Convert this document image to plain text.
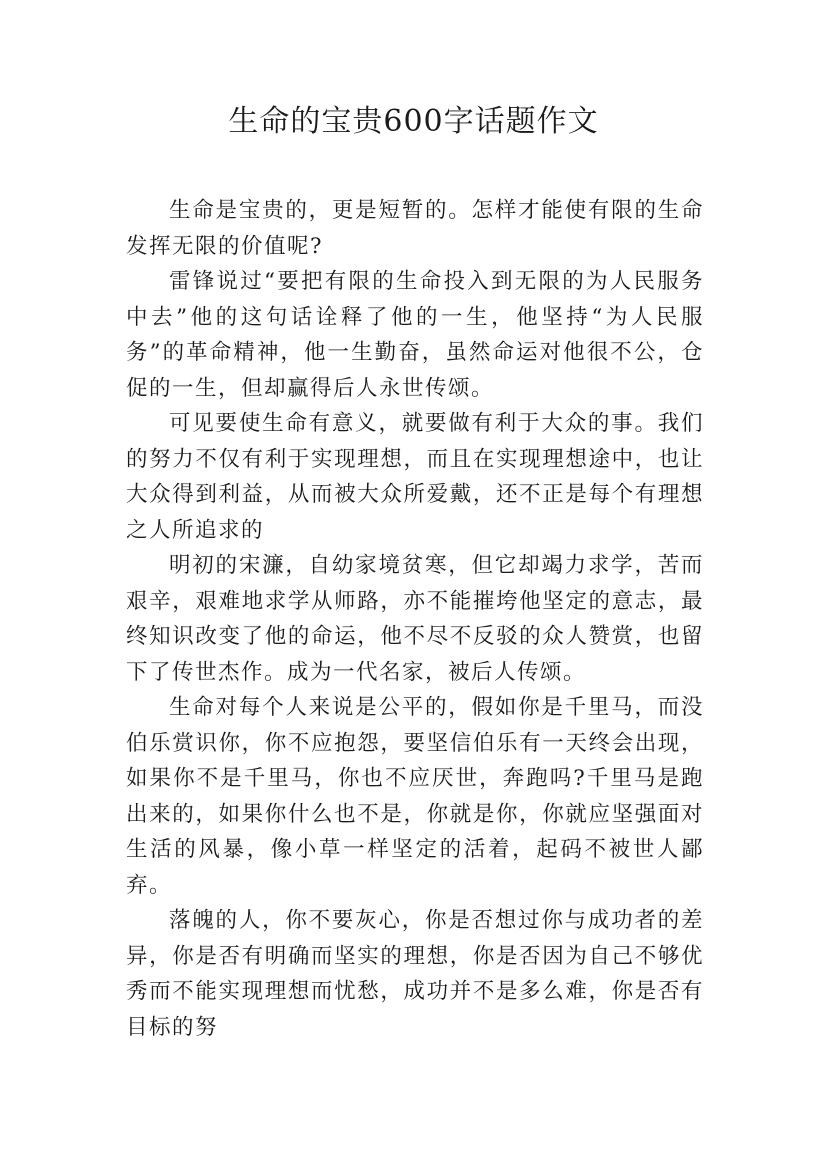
生命的宝贵600字话题作文

生命是宝贵的，更是短暂的。怎样才能使有限的生命发挥无限的价值呢?

雷锋说过“要把有限的生命投入到无限的为人民服务中去”他的这句话诠释了他的一生，他坚持“为人民服务”的革命精神，他一生勤奋，虽然命运对他很不公，仓促的一生，但却赢得后人永世传颂。

可见要使生命有意义，就要做有利于大众的事。我们的努力不仅有利于实现理想，而且在实现理想途中，也让大众得到利益，从而被大众所爱戴，还不正是每个有理想之人所追求的

明初的宋濂，自幼家境贫寒，但它却竭力求学，苦而艰辛，艰难地求学从师路，亦不能摧垮他坚定的意志，最终知识改变了他的命运，他不尽不反驳的众人赞赏，也留下了传世杰作。成为一代名家，被后人传颂。

生命对每个人来说是公平的，假如你是千里马，而没伯乐赏识你，你不应抱怨，要坚信伯乐有一天终会出现，如果你不是千里马，你也不应厌世，奔跑吗?千里马是跑出来的，如果你什么也不是，你就是你，你就应坚强面对生活的风暴，像小草一样坚定的活着，起码不被世人鄙弃。

落魄的人，你不要灰心，你是否想过你与成功者的差异，你是否有明确而坚实的理想，你是否因为自己不够优秀而不能实现理想而忧愁，成功并不是多么难，你是否有目标的努
